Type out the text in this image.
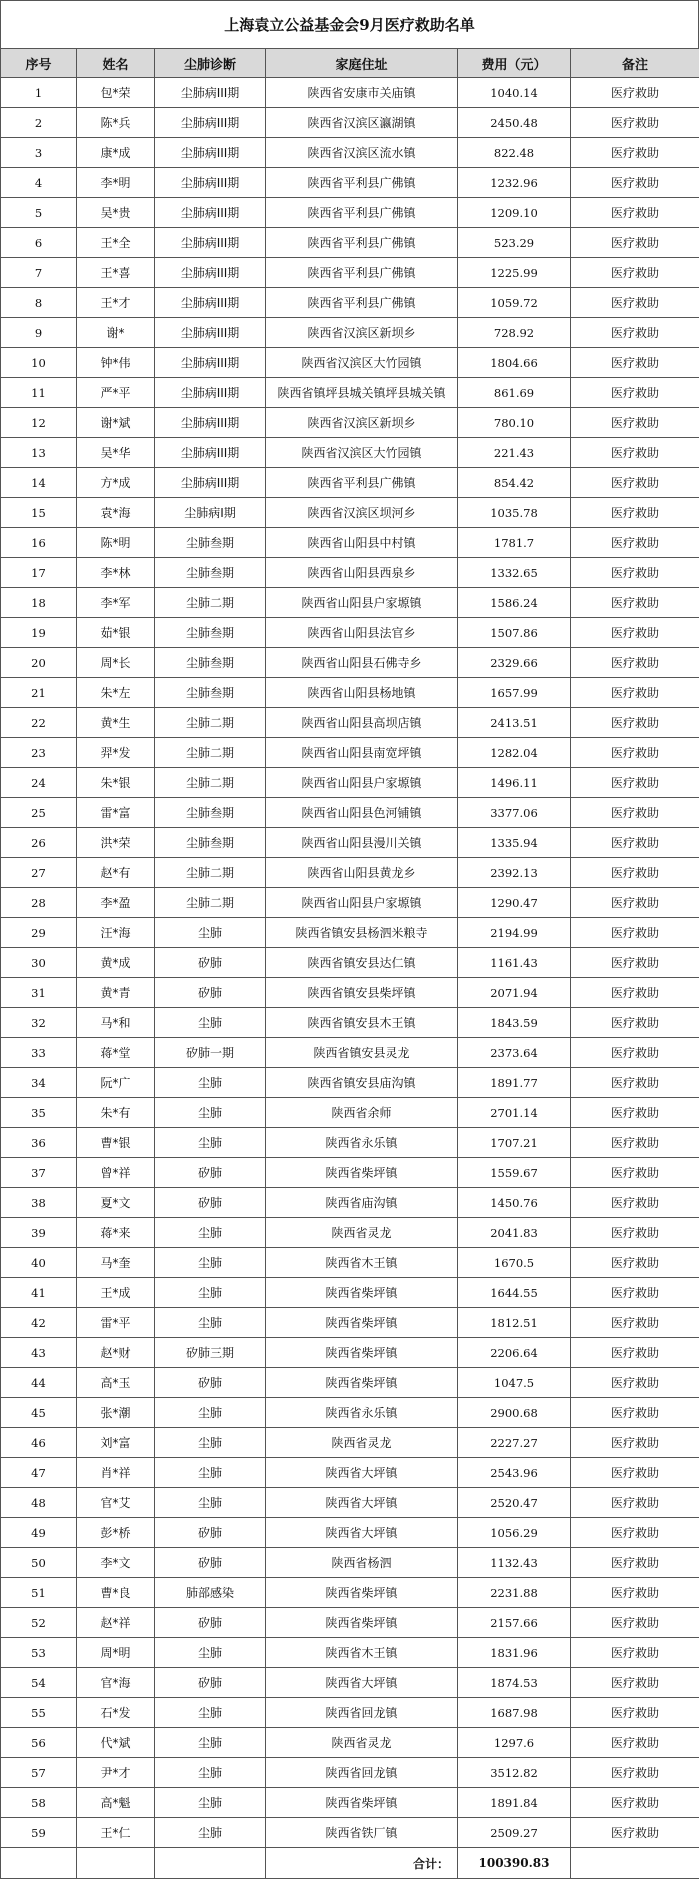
上海袁立公益基金会9月医疗救助名单
序号	姓名	尘肺诊断	家庭住址	费用（元）	备注
1	包*荣	尘肺病III期	陕西省安康市关庙镇	1040.14	医疗救助
2	陈*兵	尘肺病III期	陕西省汉滨区瀛湖镇	2450.48	医疗救助
3	康*成	尘肺病III期	陕西省汉滨区流水镇	822.48	医疗救助
4	李*明	尘肺病III期	陕西省平利县广佛镇	1232.96	医疗救助
5	吴*贵	尘肺病III期	陕西省平利县广佛镇	1209.10	医疗救助
6	王*全	尘肺病III期	陕西省平利县广佛镇	523.29	医疗救助
7	王*喜	尘肺病III期	陕西省平利县广佛镇	1225.99	医疗救助
8	王*才	尘肺病III期	陕西省平利县广佛镇	1059.72	医疗救助
9	谢*	尘肺病III期	陕西省汉滨区新坝乡	728.92	医疗救助
10	钟*伟	尘肺病III期	陕西省汉滨区大竹园镇	1804.66	医疗救助
11	严*平	尘肺病III期	陕西省镇坪县城关镇坪县城关镇	861.69	医疗救助
12	谢*斌	尘肺病III期	陕西省汉滨区新坝乡	780.10	医疗救助
13	吴*华	尘肺病III期	陕西省汉滨区大竹园镇	221.43	医疗救助
14	方*成	尘肺病III期	陕西省平利县广佛镇	854.42	医疗救助
15	袁*海	尘肺病I期	陕西省汉滨区坝河乡	1035.78	医疗救助
16	陈*明	尘肺叁期	陕西省山阳县中村镇	1781.7	医疗救助
17	李*林	尘肺叁期	陕西省山阳县西泉乡	1332.65	医疗救助
18	李*军	尘肺二期	陕西省山阳县户家塬镇	1586.24	医疗救助
19	茹*银	尘肺叁期	陕西省山阳县法官乡	1507.86	医疗救助
20	周*长	尘肺叁期	陕西省山阳县石佛寺乡	2329.66	医疗救助
21	朱*左	尘肺叁期	陕西省山阳县杨地镇	1657.99	医疗救助
22	黄*生	尘肺二期	陕西省山阳县高坝店镇	2413.51	医疗救助
23	羿*发	尘肺二期	陕西省山阳县南宽坪镇	1282.04	医疗救助
24	朱*银	尘肺二期	陕西省山阳县户家塬镇	1496.11	医疗救助
25	雷*富	尘肺叁期	陕西省山阳县色河铺镇	3377.06	医疗救助
26	洪*荣	尘肺叁期	陕西省山阳县漫川关镇	1335.94	医疗救助
27	赵*有	尘肺二期	陕西省山阳县黄龙乡	2392.13	医疗救助
28	李*盈	尘肺二期	陕西省山阳县户家塬镇	1290.47	医疗救助
29	汪*海	尘肺	陕西省镇安县杨泗米粮寺	2194.99	医疗救助
30	黄*成	矽肺	陕西省镇安县达仁镇	1161.43	医疗救助
31	黄*青	矽肺	陕西省镇安县柴坪镇	2071.94	医疗救助
32	马*和	尘肺	陕西省镇安县木王镇	1843.59	医疗救助
33	蒋*堂	矽肺一期	陕西省镇安县灵龙	2373.64	医疗救助
34	阮*广	尘肺	陕西省镇安县庙沟镇	1891.77	医疗救助
35	朱*有	尘肺	陕西省余师	2701.14	医疗救助
36	曹*银	尘肺	陕西省永乐镇	1707.21	医疗救助
37	曾*祥	矽肺	陕西省柴坪镇	1559.67	医疗救助
38	夏*文	矽肺	陕西省庙沟镇	1450.76	医疗救助
39	蒋*来	尘肺	陕西省灵龙	2041.83	医疗救助
40	马*奎	尘肺	陕西省木王镇	1670.5	医疗救助
41	王*成	尘肺	陕西省柴坪镇	1644.55	医疗救助
42	雷*平	尘肺	陕西省柴坪镇	1812.51	医疗救助
43	赵*财	矽肺三期	陕西省柴坪镇	2206.64	医疗救助
44	高*玉	矽肺	陕西省柴坪镇	1047.5	医疗救助
45	张*潮	尘肺	陕西省永乐镇	2900.68	医疗救助
46	刘*富	尘肺	陕西省灵龙	2227.27	医疗救助
47	肖*祥	尘肺	陕西省大坪镇	2543.96	医疗救助
48	官*艾	尘肺	陕西省大坪镇	2520.47	医疗救助
49	彭*桥	矽肺	陕西省大坪镇	1056.29	医疗救助
50	李*文	矽肺	陕西省杨泗	1132.43	医疗救助
51	曹*良	肺部感染	陕西省柴坪镇	2231.88	医疗救助
52	赵*祥	矽肺	陕西省柴坪镇	2157.66	医疗救助
53	周*明	尘肺	陕西省木王镇	1831.96	医疗救助
54	官*海	矽肺	陕西省大坪镇	1874.53	医疗救助
55	石*发	尘肺	陕西省回龙镇	1687.98	医疗救助
56	代*斌	尘肺	陕西省灵龙	1297.6	医疗救助
57	尹*才	尘肺	陕西省回龙镇	3512.82	医疗救助
58	高*魁	尘肺	陕西省柴坪镇	1891.84	医疗救助
59	王*仁	尘肺	陕西省铁厂镇	2509.27	医疗救助
			合计：	100390.83	
